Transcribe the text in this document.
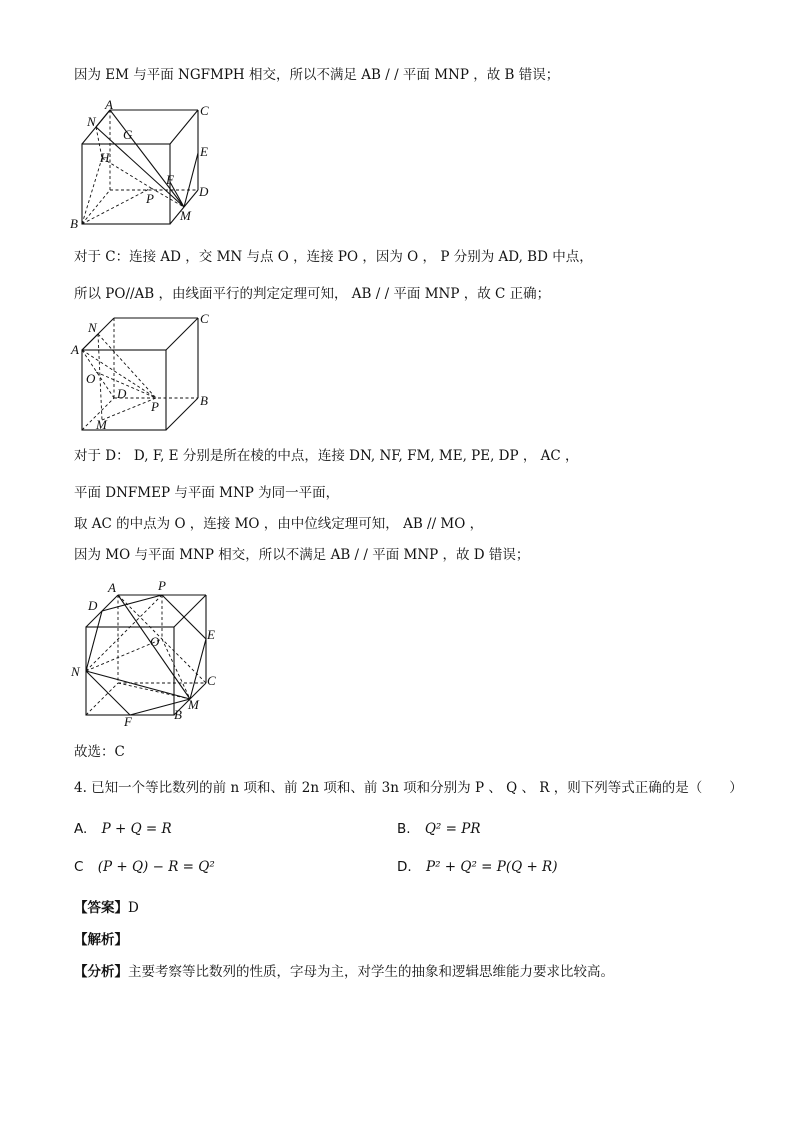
因为 EM 与平面 NGFMPH 相交，所以不满足 AB / / 平面 MNP ，故 B 错误；
A	C
N
G
H	E
F
D
P
B
M
对于 C：连接 AD ，交 MN 与点 O ，连接 PO ，因为 O ， P 分别为 AD, BD 中点，
所以 PO//AB ，由线面平行的判定定理可知， AB / / 平面 MNP ，故 C 正确；
N
C
A
O
D
P	B
M
对于 D： D, F, E 分别是所在棱的中点，连接 DN, NF, FM, ME, PE, DP ， AC ，
平面 DNFMEP 与平面 MNP 为同一平面，
取 AC 的中点为 O ，连接 MO ，由中位线定理可知， AB // MO ，
因为 MO 与平面 MNP 相交，所以不满足 AB / / 平面 MNP ，故 D 错误；
A	P
D
O	E
N
C
F	B
M
故选：C
4. 已知一个等比数列的前 n 项和、前 2n 项和、前 3n 项和分别为 P 、 Q 、 R ，则下列等式正确的是（　　）
A. P + Q = R	B. Q² = PR
C (P + Q) − R = Q²	D. P² + Q² = P(Q + R)
【答案】D
【解析】
【分析】主要考察等比数列的性质，字母为主，对学生的抽象和逻辑思维能力要求比较高。
